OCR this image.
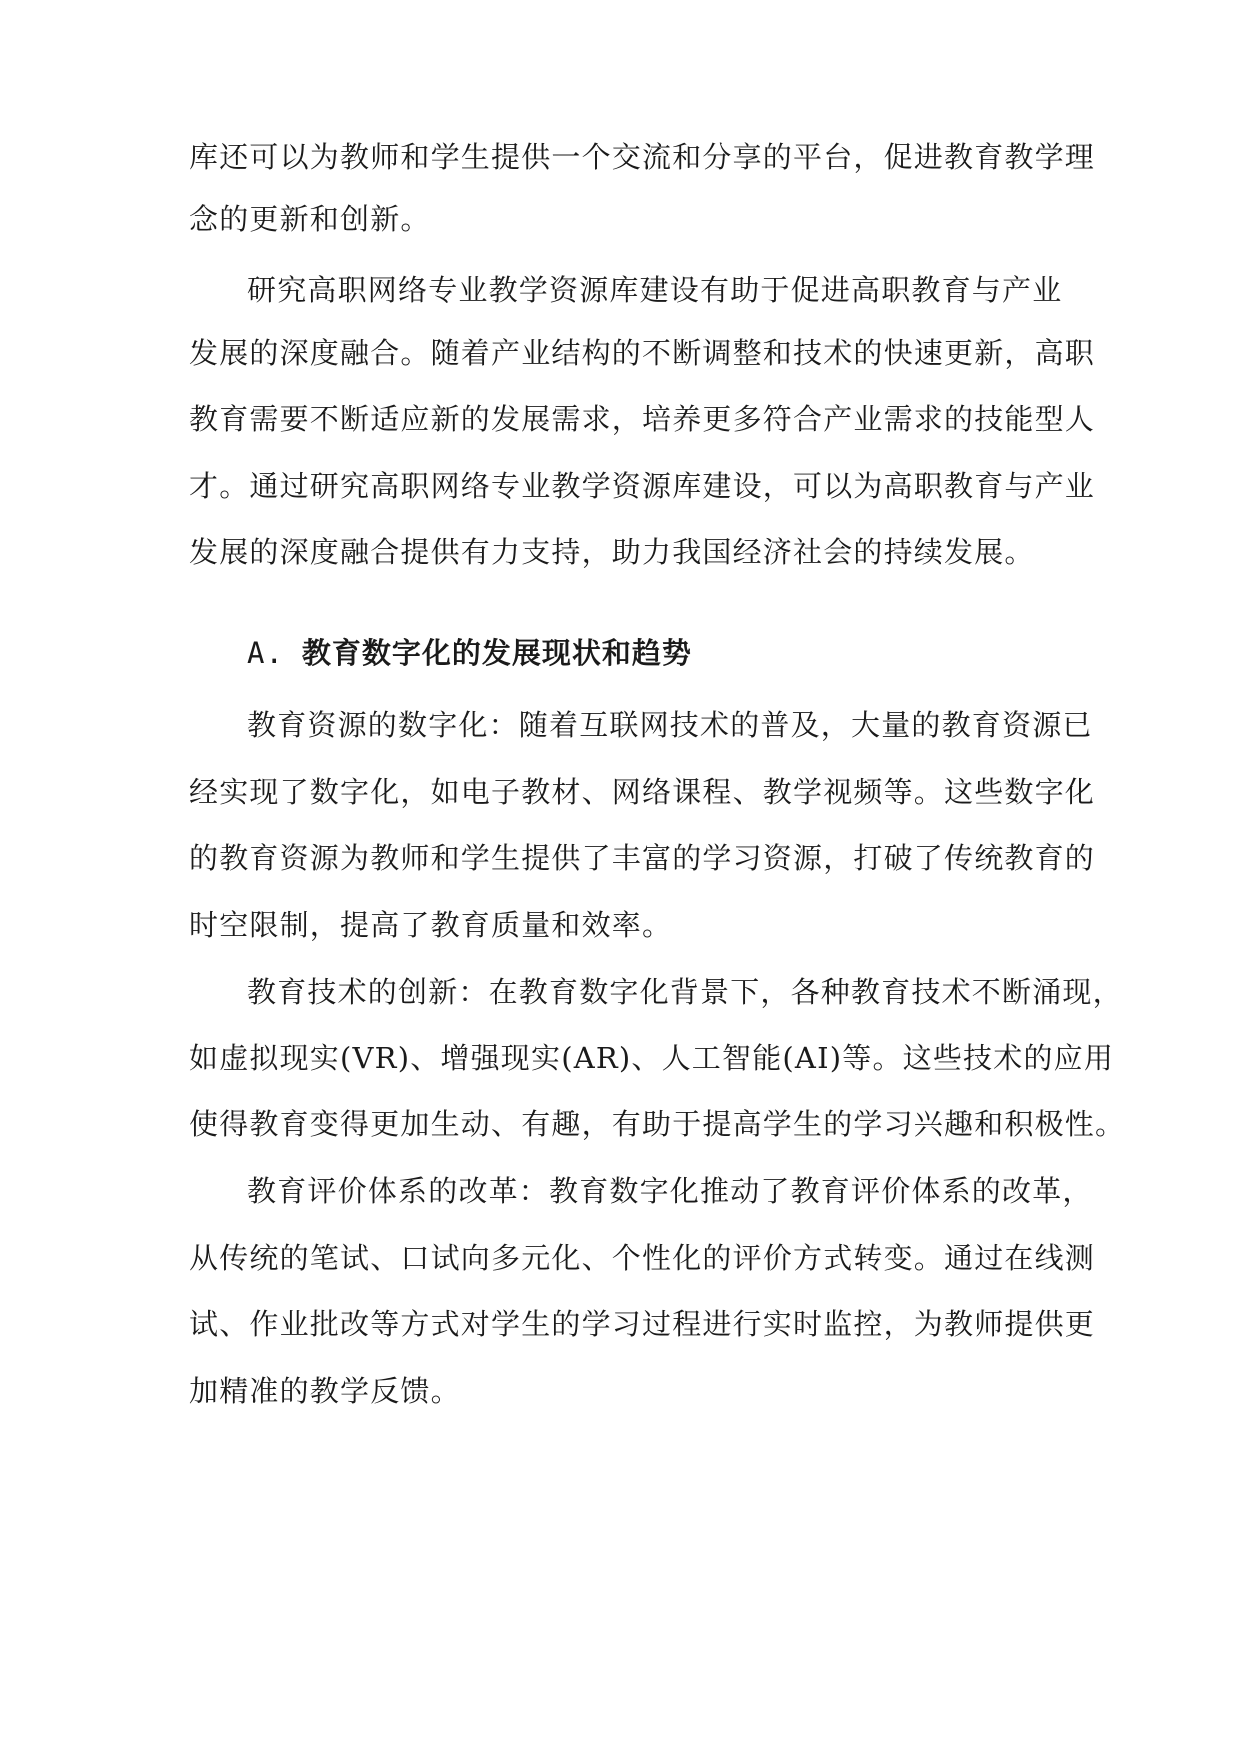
库还可以为教师和学生提供一个交流和分享的平台，促进教育教学理
念的更新和创新。
研究高职网络专业教学资源库建设有助于促进高职教育与产业
发展的深度融合。随着产业结构的不断调整和技术的快速更新，高职
教育需要不断适应新的发展需求，培养更多符合产业需求的技能型人
才。通过研究高职网络专业教学资源库建设，可以为高职教育与产业
发展的深度融合提供有力支持，助力我国经济社会的持续发展。
A. 教育数字化的发展现状和趋势
教育资源的数字化：随着互联网技术的普及，大量的教育资源已
经实现了数字化，如电子教材、网络课程、教学视频等。这些数字化
的教育资源为教师和学生提供了丰富的学习资源，打破了传统教育的
时空限制，提高了教育质量和效率。
教育技术的创新：在教育数字化背景下，各种教育技术不断涌现，
如虚拟现实(VR)、增强现实(AR)、人工智能(AI)等。这些技术的应用
使得教育变得更加生动、有趣，有助于提高学生的学习兴趣和积极性。
教育评价体系的改革：教育数字化推动了教育评价体系的改革，
从传统的笔试、口试向多元化、个性化的评价方式转变。通过在线测
试、作业批改等方式对学生的学习过程进行实时监控，为教师提供更
加精准的教学反馈。
